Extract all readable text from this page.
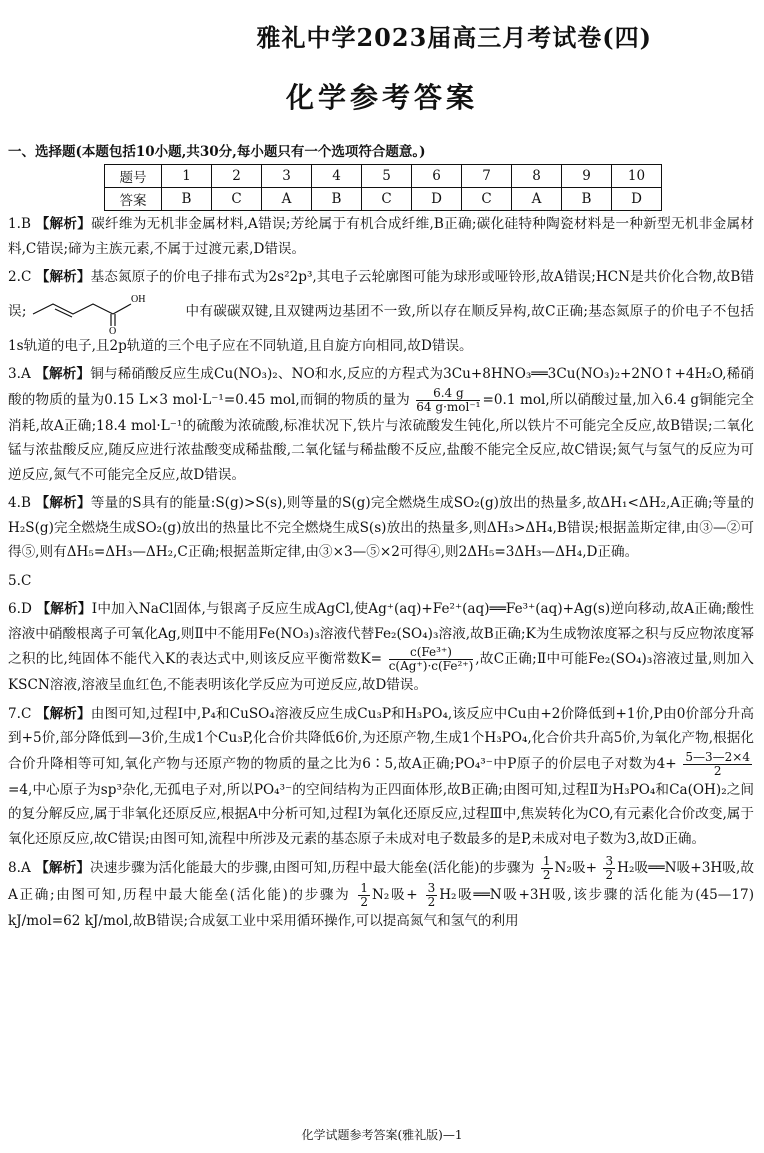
雅礼中学2023届高三月考试卷(四)
化学参考答案
一、选择题(本题包括10小题,共30分,每小题只有一个选项符合题意。)
题号	1	2	3	4	5	6	7	8	9	10
答案	B	C	A	B	C	D	C	A	B	D

1.B 【解析】碳纤维为无机非金属材料,A错误;芳纶属于有机合成纤维,B正确;碳化硅特种陶瓷材料是一种新型无机非金属材料,C错误;碲为主族元素,不属于过渡元素,D错误。

2.C 【解析】基态氮原子的价电子排布式为2s²2p³,其电子云轮廓图可能为球形或哑铃形,故A错误;HCN是共价化合物,故B错误;
OH
O
中有碳碳双键,且双键两边基团不一致,所以存在顺反异构,故C正确;基态氮原子的价电子不包括1s轨道的电子,且2p轨道的三个电子应在不同轨道,且自旋方向相同,故D错误。

3.A 【解析】铜与稀硝酸反应生成Cu(NO₃)₂、NO和水,反应的方程式为3Cu+8HNO₃══3Cu(NO₃)₂+2NO↑+4H₂O,稀硝酸的物质的量为0.15 L×3 mol·L⁻¹=0.45 mol,而铜的物质的量为 $\frac{6.4 g}{\text{64 g·mol⁻¹}} =0.1$ mol,所以硝酸过量,加入6.4 g铜能完全消耗,故A正确;18.4 mol·L⁻¹的硫酸为浓硫酸,标准状况下,铁片与浓硫酸发生钝化,所以铁片不可能完全反应,故B错误;二氧化锰与浓盐酸反应,随反应进行浓盐酸变成稀盐酸,二氧化锰与稀盐酸不反应,盐酸不能完全反应,故C错误;氮气与氢气的反应为可逆反应,氮气不可能完全反应,故D错误。

4.B 【解析】等量的S具有的能量:S(g)>S(s),则等量的S(g)完全燃烧生成SO₂(g)放出的热量多,故ΔH₁<ΔH₂,A正确;等量的H₂S(g)完全燃烧生成SO₂(g)放出的热量比不完全燃烧生成S(s)放出的热量多,则ΔH₃>ΔH₄,B错误;根据盖斯定律,由③—②可得⑤,则有ΔH₅=ΔH₃—ΔH₂,C正确;根据盖斯定律,由③×3—⑤×2可得④,则2ΔH₅=3ΔH₃—ΔH₄,D正确。

5.C

6.D 【解析】Ⅰ中加入NaCl固体,与银离子反应生成AgCl,使Ag⁺(aq)+Fe²⁺(aq)══Fe³⁺(aq)+Ag(s)逆向移动,故A正确;酸性溶液中硝酸根离子可氧化Ag,则Ⅱ中不能用Fe(NO₃)₃溶液代替Fe₂(SO₄)₃溶液,故B正确;K为生成物浓度幂之积与反应物浓度幂之积的比,纯固体不能代入K的表达式中,则该反应平衡常数$K= \frac{\text{c(Fe³⁺)}}{\text{c(Ag⁺)·c(Fe²⁺)}}$ ,故C正确;Ⅱ中可能Fe₂(SO₄)₃溶液过量,则加入KSCN溶液,溶液呈血红色,不能表明该化学反应为可逆反应,故D错误。

7.C 【解析】由图可知,过程Ⅰ中,P₄和CuSO₄溶液反应生成Cu₃P和H₃PO₄,该反应中Cu由+2价降低到+1价,P由0价部分升高到+5价,部分降低到—3价,生成1个Cu₃P,化合价共降低6价,为还原产物,生成1个H₃PO₄,化合价共升高5价,为氧化产物,根据化合价升降相等可知,氧化产物与还原产物的物质的量之比为6∶5,故A正确;PO₄³⁻中P原子的价层电子对数为$4+ \frac{5—3—2\times 4}{2}$
=4,中心原子为sp³杂化,无孤电子对,所以PO₄³⁻的空间结构为正四面体形,故B正确;由图可知,过程Ⅱ为H₃PO₄和Ca(OH)₂之间的复分解反应,属于非氧化还原反应,根据A中分析可知,过程Ⅰ为氧化还原反应,过程Ⅲ中,焦炭转化为CO,有元素化合价改变,属于氧化还原反应,故C错误;由图可知,流程中所涉及元素的基态原子未成对电子数最多的是P,未成对电子数为3,故D正确。

8.A 【解析】决速步骤为活化能最大的步骤,由图可知,历程中最大能垒(活化能)的步骤为 $\frac{1}{2} N_2$吸+ $\frac{3}{2} H_2$吸══N吸+3H吸,故A正确;由图可知,历程中最大能垒(活化能)的步骤为 $\frac{1}{2} N_2$吸+ $\frac{3}{2} H_2$吸══N吸+3H吸,该步骤的活化能为(45—17) kJ/mol=62 kJ/mol,故B错误;合成氨工业中采用循环操作,可以提高氮气和氢气的利用

化学试题参考答案(雅礼版)—1
